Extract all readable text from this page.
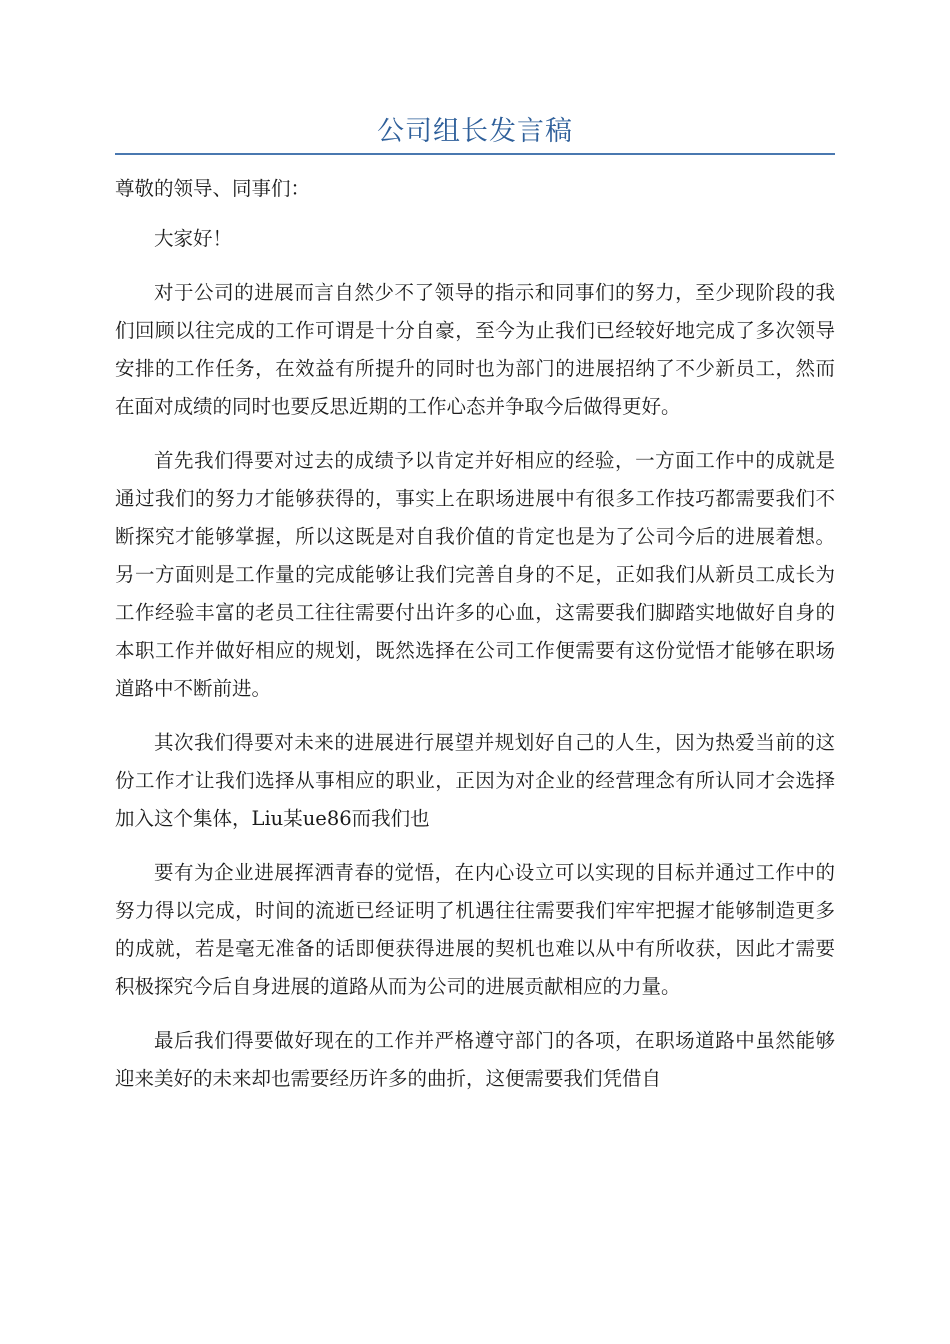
公司组长发言稿

尊敬的领导、同事们：

大家好！

对于公司的进展而言自然少不了领导的指示和同事们的努力，至少现阶段的我们回顾以往完成的工作可谓是十分自豪，至今为止我们已经较好地完成了多次领导安排的工作任务，在效益有所提升的同时也为部门的进展招纳了不少新员工，然而在面对成绩的同时也要反思近期的工作心态并争取今后做得更好。

首先我们得要对过去的成绩予以肯定并好相应的经验，一方面工作中的成就是通过我们的努力才能够获得的，事实上在职场进展中有很多工作技巧都需要我们不断探究才能够掌握，所以这既是对自我价值的肯定也是为了公司今后的进展着想。另一方面则是工作量的完成能够让我们完善自身的不足，正如我们从新员工成长为工作经验丰富的老员工往往需要付出许多的心血，这需要我们脚踏实地做好自身的本职工作并做好相应的规划，既然选择在公司工作便需要有这份觉悟才能够在职场道路中不断前进。

其次我们得要对未来的进展进行展望并规划好自己的人生，因为热爱当前的这份工作才让我们选择从事相应的职业，正因为对企业的经营理念有所认同才会选择加入这个集体，Liu某ue86而我们也

要有为企业进展挥洒青春的觉悟，在内心设立可以实现的目标并通过工作中的努力得以完成，时间的流逝已经证明了机遇往往需要我们牢牢把握才能够制造更多的成就，若是毫无准备的话即便获得进展的契机也难以从中有所收获，因此才需要积极探究今后自身进展的道路从而为公司的进展贡献相应的力量。

最后我们得要做好现在的工作并严格遵守部门的各项，在职场道路中虽然能够迎来美好的未来却也需要经历许多的曲折，这便需要我们凭借自
